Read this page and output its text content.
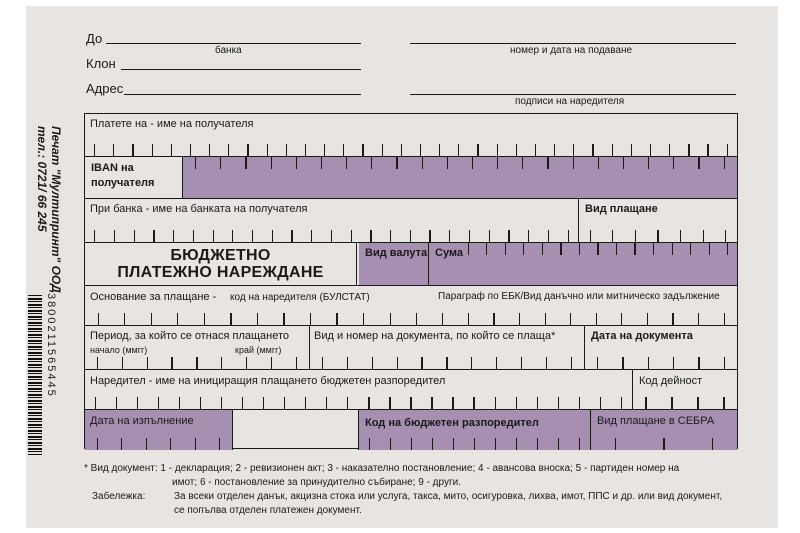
До
банка	номер и дата на подаване
Клон
Адрес
подписи на наредителя
Печат "Мултипринт" ООД
тел.: 0721/ 66 245
3800211565445
Платете на - име на получателя
IBAN на
получателя
При банка - име на банката на получателя	Вид плащане
БЮДЖЕТНО
ПЛАТЕЖНО НАРЕЖДАНЕ
Вид валута Сума
Основание за плащане - код на наредителя (БУЛСТАТ)	Параграф по ЕБК/Вид данъчно или митническо задължение
Период, за който се отнася плащането
начало (ммгг)	край (ммгг)
Вид и номер на документа, по който се плаща*	Дата на документа
Наредител - име на инициращия плащането бюджетен разпоредител	Код дейност
Дата на изпълнение	Код на бюджетен разпоредител	Вид плащане в СЕБРА
* Вид документ: 1 - декларация; 2 - ревизионен акт; 3 - наказателно постановление; 4 - авансова вноска; 5 - партиден номер на
имот; 6 - постановление за принудително събиране; 9 - други.
Забележка:	За всеки отделен данък, акцизна стока или услуга, такса, мито, осигуровка, лихва, имот, ППС и др. или вид документ,
се попълва отделен платежен документ.
